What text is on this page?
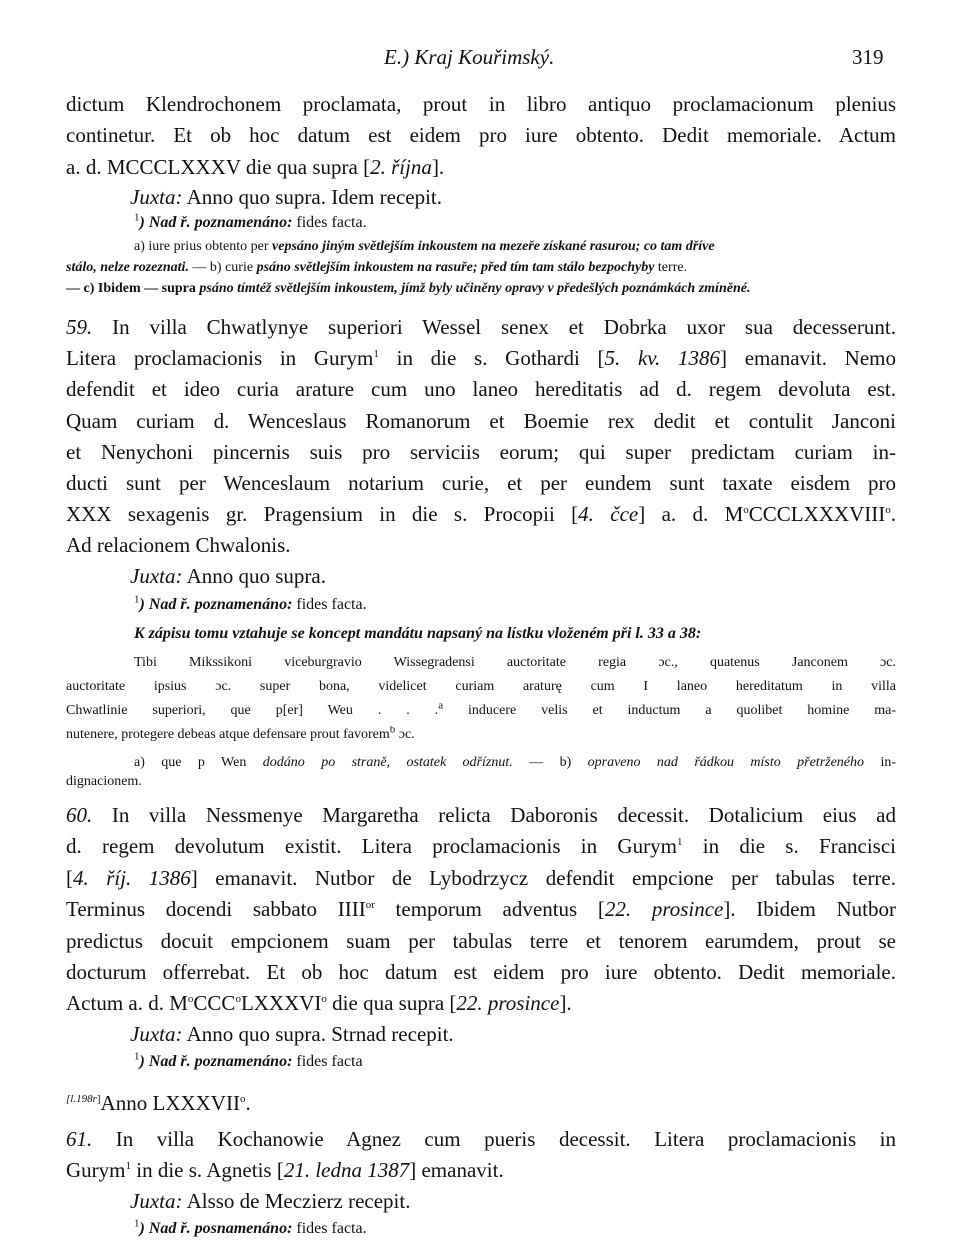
E.) Kraj Kouřimský.	319
dictum Klendrochonem proclamata, prout in libro antiquo proclamacionum plenius
continetur. Et ob hoc datum est eidem pro iure obtento. Dedit memoriale. Actum
a. d. MCCCLXXXV die qua supra [2. října].
Juxta: Anno quo supra. Idem recepit.
$^1$) Nad ř. poznamenáno: fides facta.
a) iure prius obtento per vepsáno jiným světlejším inkoustem na mezeře získané rasurou; co tam dříve
stálo, nelze rozeznati. — b) curie psáno světlejším inkoustem na rasuře; před tím tam stálo bezpochyby terre.
— c) Ibidem — supra psáno tímtéž světlejším inkoustem, jímž byly učiněny opravy v předešlých poznámkách zmíněné.
59. In villa Chwatlynye superiori Wessel senex et Dobrka uxor sua decesserunt.
Litera proclamacionis in Gurym$^1$ in die s. Gothardi [5. kv. 1386] emanavit. Nemo
defendit et ideo curia arature cum uno laneo hereditatis ad d. regem devoluta est.
Quam curiam d. Wenceslaus Romanorum et Boemie rex dedit et contulit Janconi
et Nenychoni pincernis suis pro serviciis eorum; qui super predictam curiam in-
ducti sunt per Wenceslaum notarium curie, et per eundem sunt taxate eisdem pro
XXX sexagenis gr. Pragensium in die s. Procopii [4. čce] a. d. $M^oCCCLXXXVIII^o$.
Ad relacionem Chwalonis.
Juxta: Anno quo supra.
$^1$) Nad ř. poznamenáno: fides facta.
K zápisu tomu vztahuje se koncept mandátu napsaný na lístku vloženém při l. 33 a 38:
Tibi Mikssikoni viceburgravio Wissegradensi auctoritate regia ɔc., quatenus Janconem ɔc.
auctoritate ipsius ɔc. super bona, videlicet curiam araturę cum I laneo hereditatum in villa
Chwatlinie superiori, que p[er] Weu . . .$^a$ inducere velis et inductum a quolibet homine ma-
nutenere, protegere debeas atque defensare prout favorem$^b$ ɔc.
a) que p Wen dodáno po straně, ostatek odříznut. — b) opraveno nad řádkou místo přetrženého in-
dignacionem.
60. In villa Nessmenye Margaretha relicta Daboronis decessit. Dotalicium eius ad
d. regem devolutum existit. Litera proclamacionis in Gurym$^1$ in die s. Francisci
[4. říj. 1386] emanavit. Nutbor de Lybodrzycz defendit empcione per tabulas terre.
Terminus docendi sabbato $IIII^{or}$ temporum adventus [22. prosince]. Ibidem Nutbor
predictus docuit empcionem suam per tabulas terre et tenorem earumdem, prout se
docturum offerrebat. Et ob hoc datum est eidem pro iure obtento. Dedit memoriale.
Actum a. d. $M^oCCC^oLXXXVI^o$ die qua supra [22. prosince].
Juxta: Anno quo supra. Strnad recepit.
$^1$) Nad ř. poznamenáno: fides facta
[l.198r]Anno LXXXVII$^o$.
61. In villa Kochanowie Agnez cum pueris decessit. Litera proclamacionis in
Gurym$^1$ in die s. Agnetis [21. ledna 1387] emanavit.
Juxta: Alsso de Meczierz recepit.
$^1$) Nad ř. posnamenáno: fides facta.
